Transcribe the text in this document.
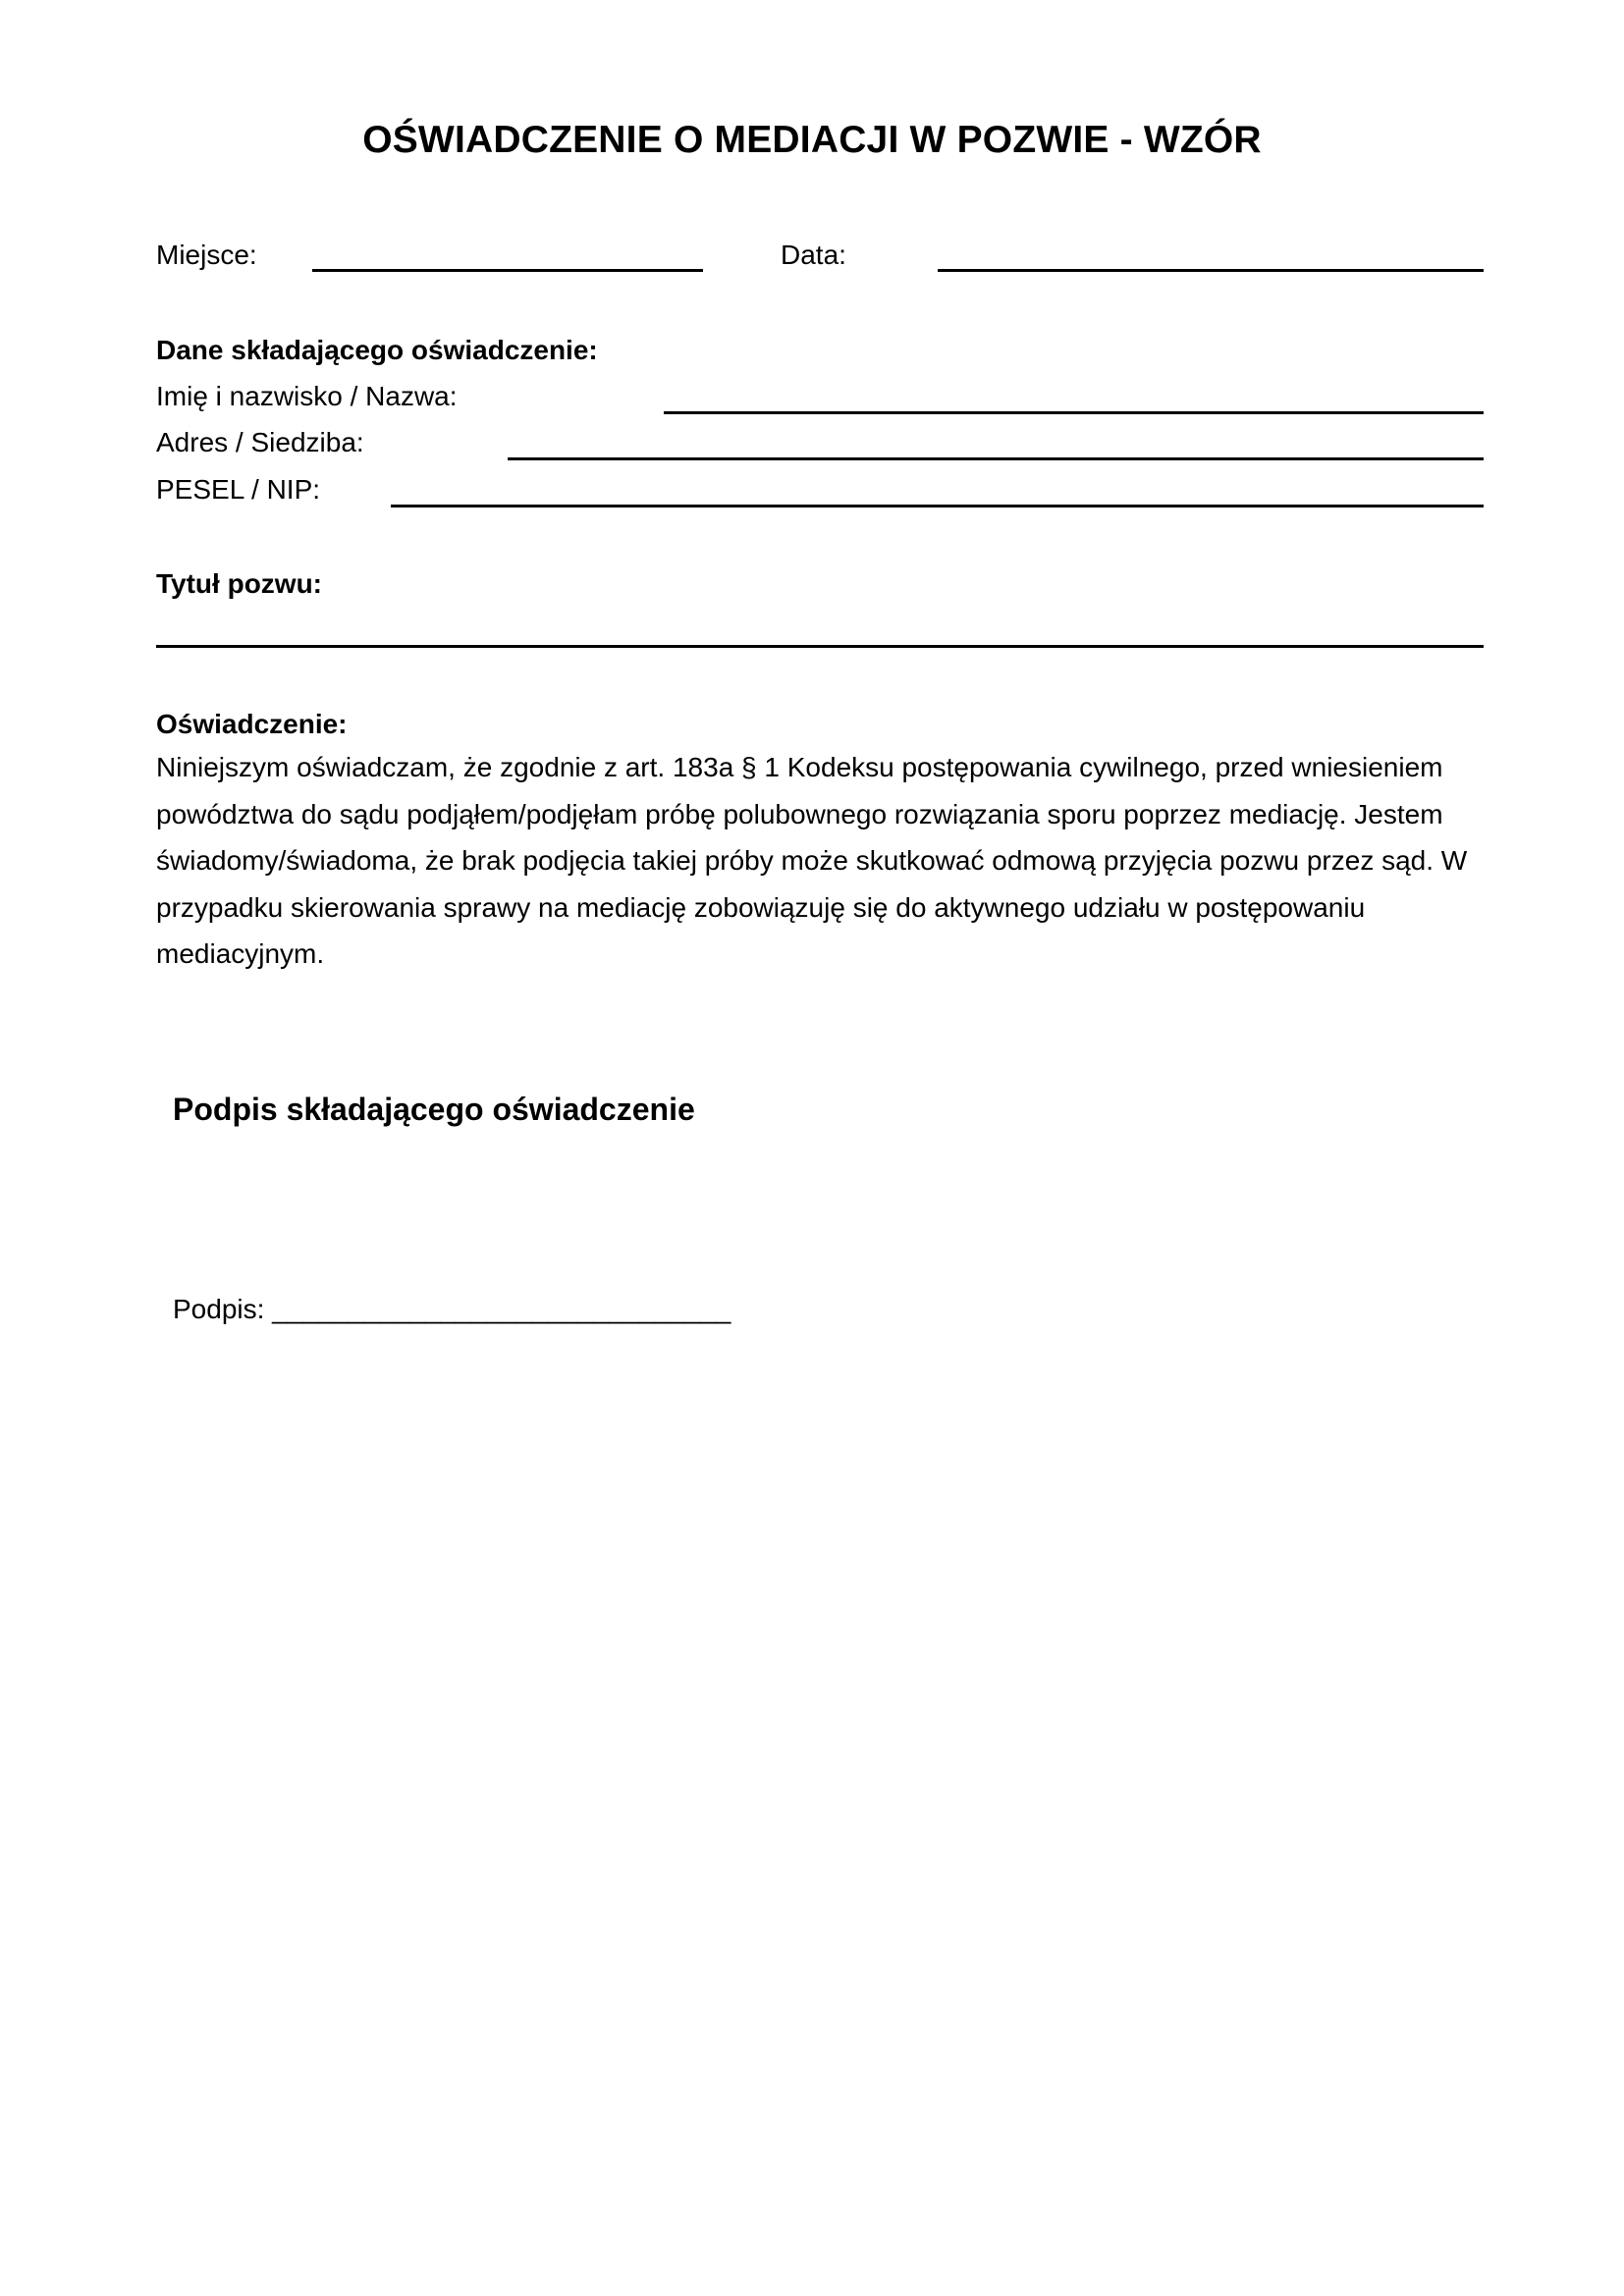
OŚWIADCZENIE O MEDIACJI W POZWIE - WZÓR
Miejsce:	Data:
Dane składającego oświadczenie:
Imię i nazwisko / Nazwa:
Adres / Siedziba:
PESEL / NIP:
Tytuł pozwu:
Oświadczenie:
Niniejszym oświadczam, że zgodnie z art. 183a § 1 Kodeksu postępowania cywilnego, przed wniesieniem powództwa do sądu podjąłem/podjęłam próbę polubownego rozwiązania sporu poprzez mediację. Jestem świadomy/świadoma, że brak podjęcia takiej próby może skutkować odmową przyjęcia pozwu przez sąd. W przypadku skierowania sprawy na mediację zobowiązuję się do aktywnego udziału w postępowaniu mediacyjnym.
Podpis składającego oświadczenie
Podpis: ______________________________
